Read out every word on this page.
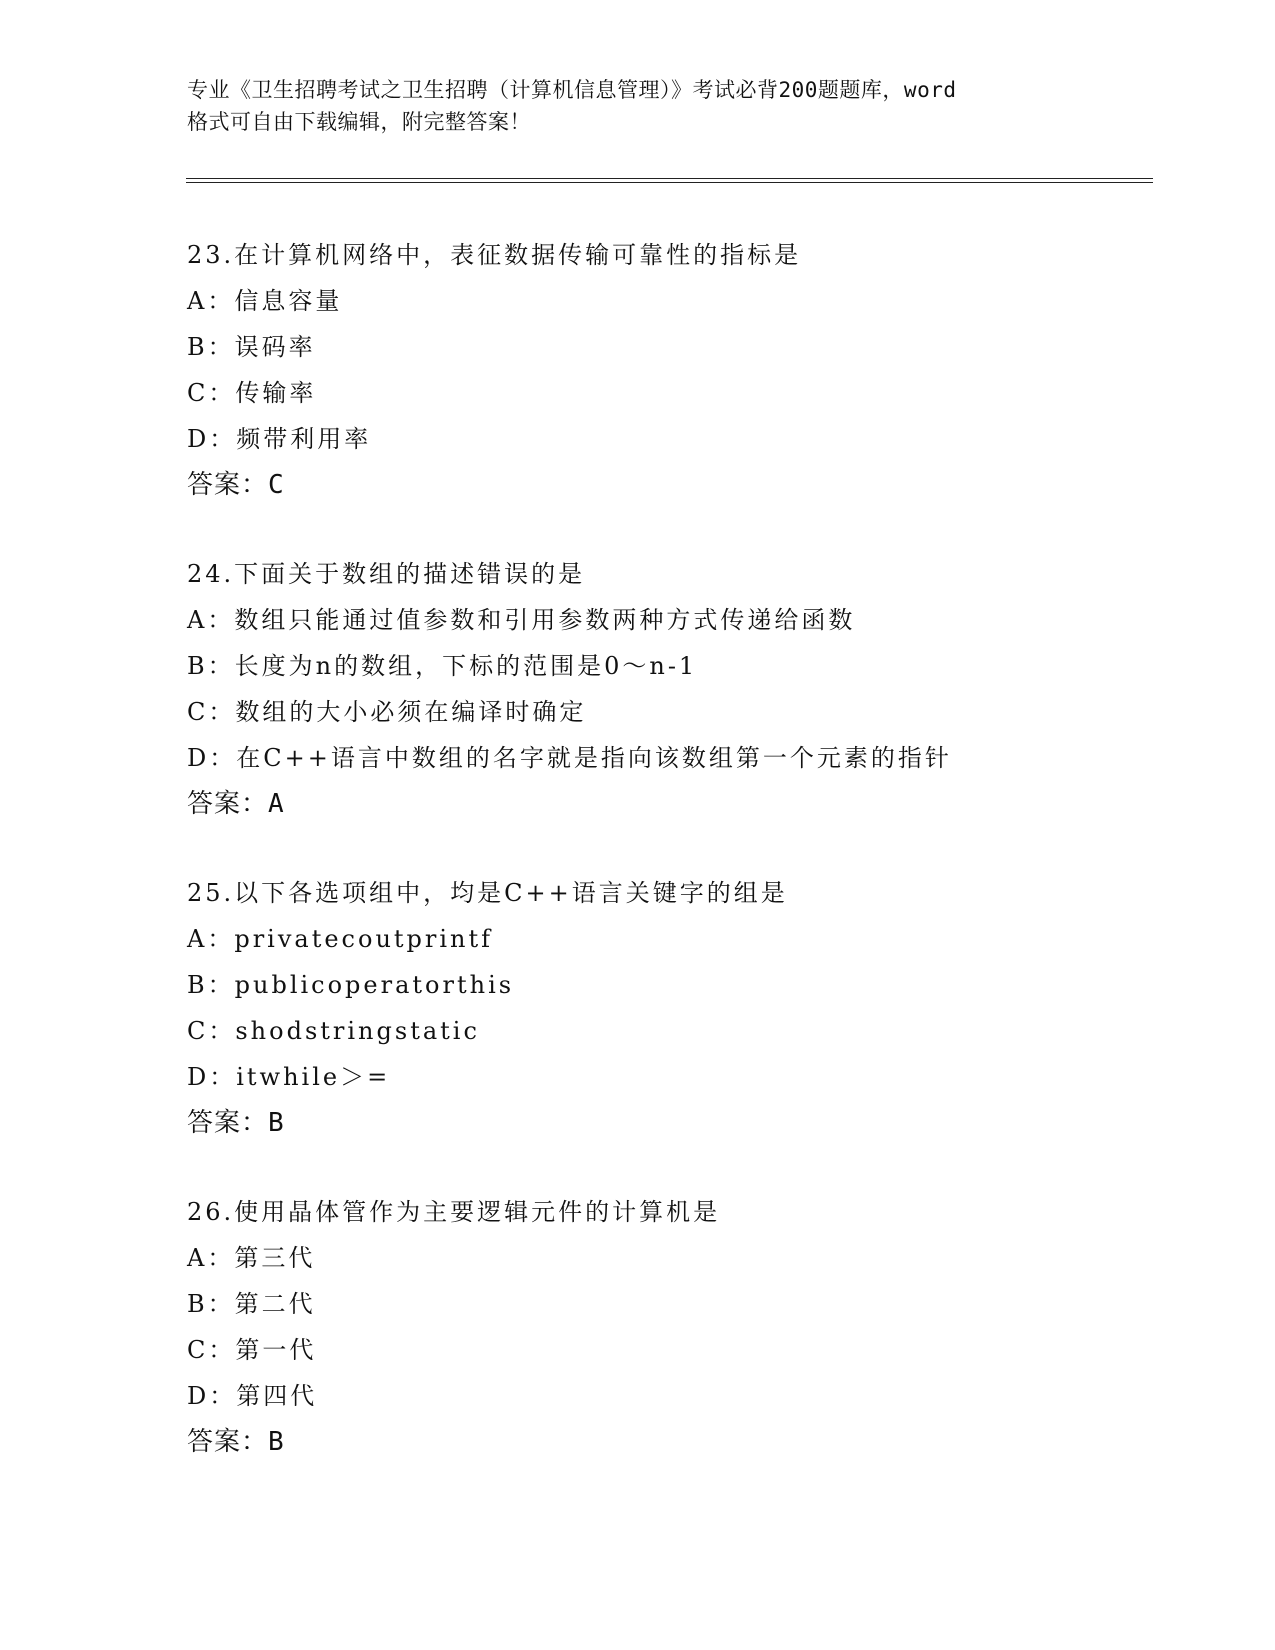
专业《卫生招聘考试之卫生招聘（计算机信息管理）》考试必背200题题库，word
格式可自由下载编辑，附完整答案！
23.在计算机网络中，表征数据传输可靠性的指标是
A：信息容量
B：误码率
C：传输率
D：频带利用率
答案：C
24.下面关于数组的描述错误的是
A：数组只能通过值参数和引用参数两种方式传递给函数
B：长度为n的数组，下标的范围是0～n-1
C：数组的大小必须在编译时确定
D：在C++语言中数组的名字就是指向该数组第一个元素的指针
答案：A
25.以下各选项组中，均是C++语言关键字的组是
A：privatecoutprintf
B：publicoperatorthis
C：shodstringstatic
D：itwhile＞=
答案：B
26.使用晶体管作为主要逻辑元件的计算机是
A：第三代
B：第二代
C：第一代
D：第四代
答案：B
